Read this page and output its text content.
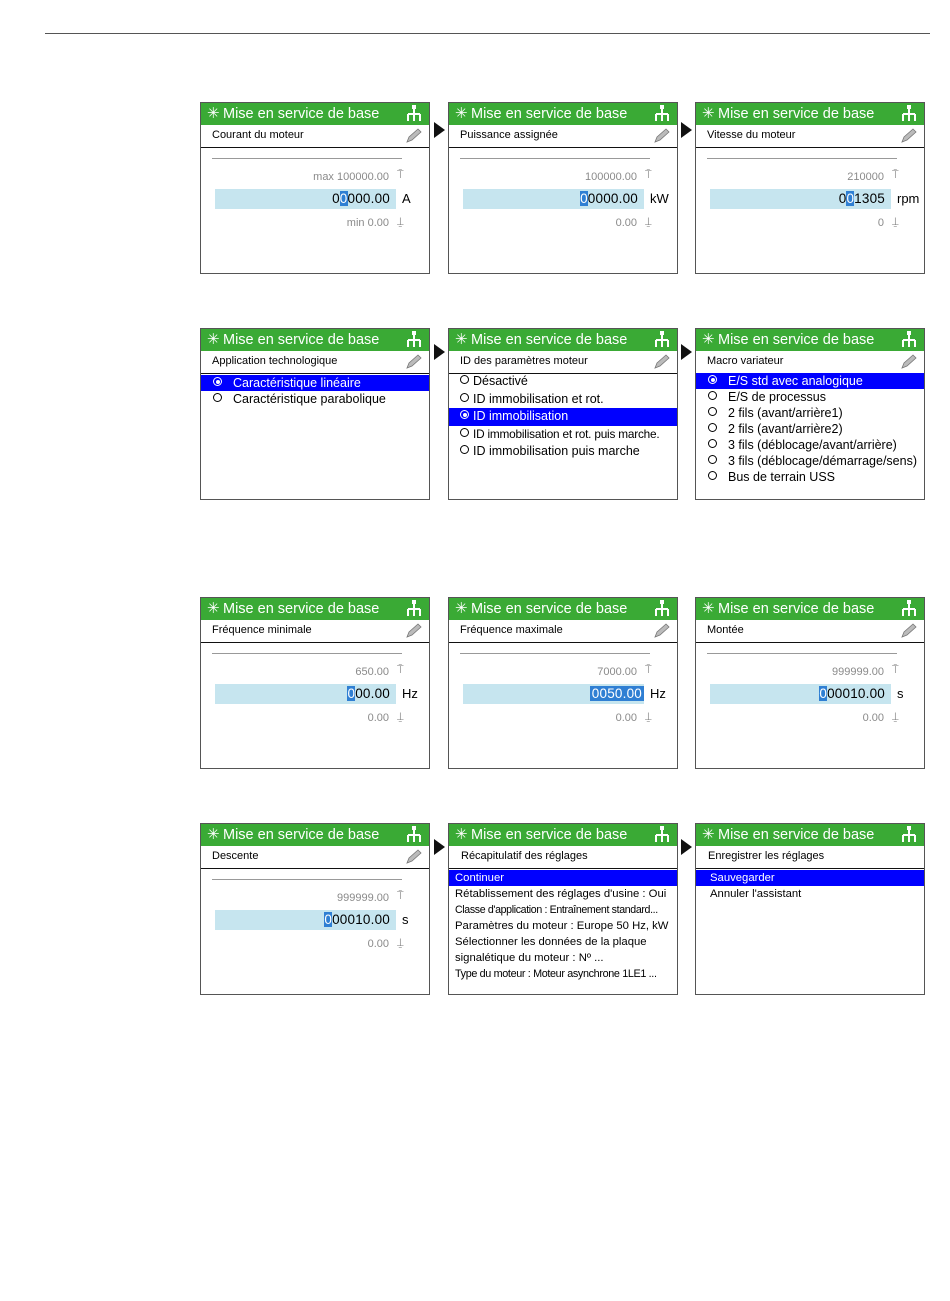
✳ Mise en service de base
Courant du moteur
max 100000.00 ⍑
00000.00 A
min 0.00 ⍊
✳ Mise en service de base
Puissance assignée
100000.00 ⍑
00000.00 kW
0.00 ⍊
✳ Mise en service de base
Vitesse du moteur
210000 ⍑
001305 rpm
0 ⍊
✳ Mise en service de base
Application technologique
Caractéristique linéaire
Caractéristique parabolique
✳ Mise en service de base
ID des paramètres moteur
Désactivé
ID immobilisation et rot.
ID immobilisation
ID immobilisation et rot. puis marche.
ID immobilisation puis marche
✳ Mise en service de base
Macro variateur
E/S std avec analogique
E/S de processus
2 fils (avant/arrière1)
2 fils (avant/arrière2)
3 fils (déblocage/avant/arrière)
3 fils (déblocage/démarrage/sens)
Bus de terrain USS
✳ Mise en service de base
Fréquence minimale
650.00 ⍑
000.00 Hz
0.00 ⍊
✳ Mise en service de base
Fréquence maximale
7000.00 ⍑
0050.00 Hz
0.00 ⍊
✳ Mise en service de base
Montée
999999.00 ⍑
000010.00 s
0.00 ⍊
✳ Mise en service de base
Descente
999999.00 ⍑
000010.00 s
0.00 ⍊
✳ Mise en service de base
Récapitulatif des réglages
Continuer
Rétablissement des réglages d'usine : Oui
Classe d'application : Entraînement standard...
Paramètres du moteur : Europe 50 Hz, kW
Sélectionner les données de la plaque
signalétique du moteur : Nº ...
Type du moteur : Moteur asynchrone 1LE1 ...
✳ Mise en service de base
Enregistrer les réglages
Sauvegarder
Annuler l'assistant
